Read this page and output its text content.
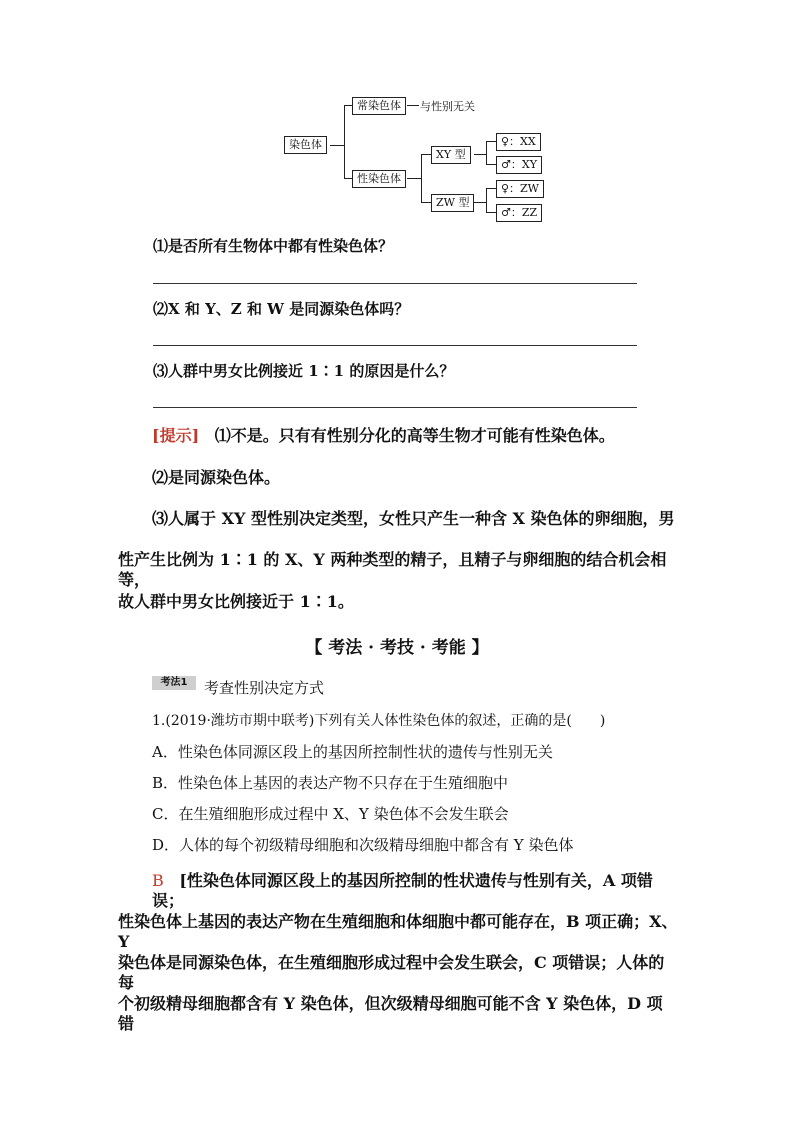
染色体
常染色体	与性别无关
性染色体
XY 型
ZW 型
♀：XX
♂：XY
♀：ZW
♂：ZZ
⑴是否所有生物体中都有性染色体？
⑵X 和 Y、Z 和 W 是同源染色体吗？
⑶人群中男女比例接近 1∶1 的原因是什么？
[提示] ⑴不是。只有有性别分化的高等生物才可能有性染色体。
⑵是同源染色体。
⑶人属于 XY 型性别决定类型，女性只产生一种含 X 染色体的卵细胞，男
性产生比例为 1∶1 的 X、Y 两种类型的精子，且精子与卵细胞的结合机会相等，
故人群中男女比例接近于 1∶1。
【 考法 · 考技 · 考能 】
考法1	考查性别决定方式
1.(2019·潍坊市期中联考)下列有关人体性染色体的叙述，正确的是(　　)
A．性染色体同源区段上的基因所控制性状的遗传与性别无关
B．性染色体上基因的表达产物不只存在于生殖细胞中
C．在生殖细胞形成过程中 X、Y 染色体不会发生联会
D．人体的每个初级精母细胞和次级精母细胞中都含有 Y 染色体
B [性染色体同源区段上的基因所控制的性状遗传与性别有关，A 项错误；
性染色体上基因的表达产物在生殖细胞和体细胞中都可能存在，B 项正确；X、Y
染色体是同源染色体，在生殖细胞形成过程中会发生联会，C 项错误；人体的每
个初级精母细胞都含有 Y 染色体，但次级精母细胞可能不含 Y 染色体，D 项错
